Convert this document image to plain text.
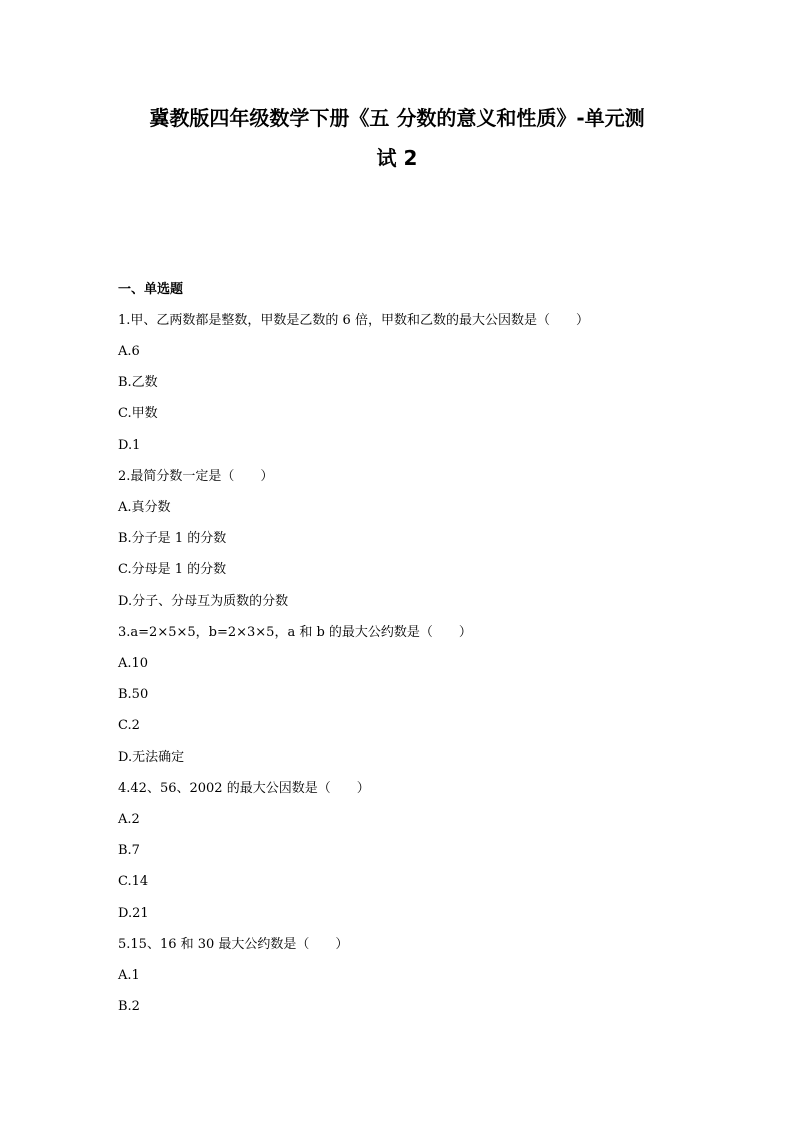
冀教版四年级数学下册《五 分数的意义和性质》-单元测
试 2
一、单选题
1.甲、乙两数都是整数，甲数是乙数的 6 倍，甲数和乙数的最大公因数是（　　）
A.6
B.乙数
C.甲数
D.1
2.最简分数一定是（　　）
A.真分数
B.分子是 1 的分数
C.分母是 1 的分数
D.分子、分母互为质数的分数
3.a=2×5×5，b=2×3×5，a 和 b 的最大公约数是（　　）
A.10
B.50
C.2
D.无法确定
4.42、56、2002 的最大公因数是（　　）
A.2
B.7
C.14
D.21
5.15、16 和 30 最大公约数是（　　）
A.1
B.2
